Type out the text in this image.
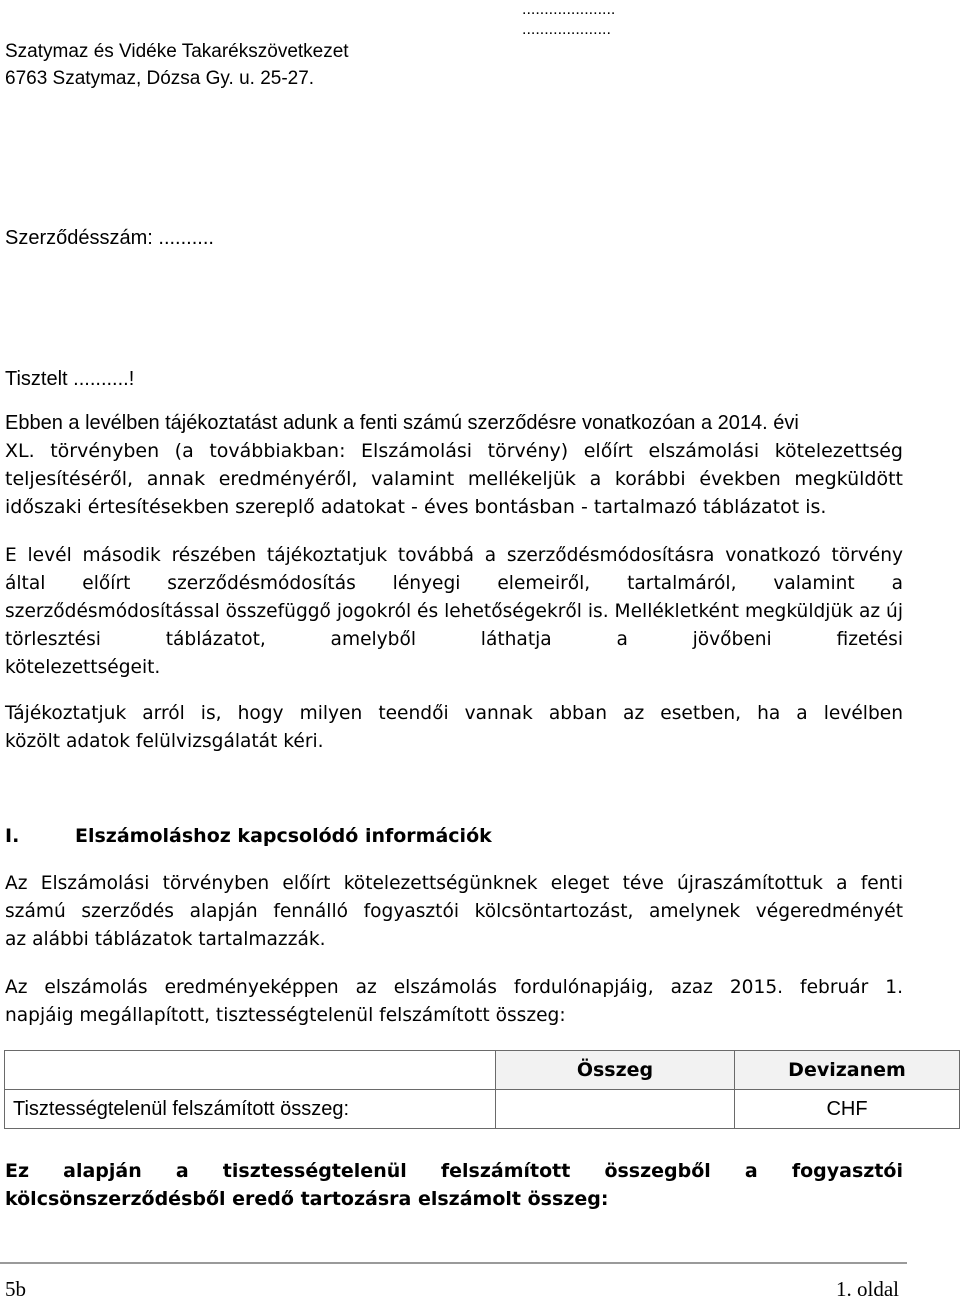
.....................
....................
Szatymaz és Vidéke Takarékszövetkezet
6763 Szatymaz, Dózsa Gy. u. 25-27.
Szerződésszám: ..........
Tisztelt ..........!
Ebben a levélben tájékoztatást adunk a fenti számú szerződésre vonatkozóan a 2014. évi
XL. törvényben (a továbbiakban: Elszámolási törvény) előírt elszámolási kötelezettség teljesítéséről, annak eredményéről, valamint mellékeljük a korábbi években megküldött időszaki értesítésekben szereplő adatokat - éves bontásban - tartalmazó táblázatot is.
E levél második részében tájékoztatjuk továbbá a szerződésmódosításra vonatkozó törvény által előírt szerződésmódosítás lényegi elemeiről, tartalmáról, valamint a szerződésmódosítással összefüggő jogokról és lehetőségekről is. Mellékletként megküldjük az új törlesztési táblázatot, amelyből láthatja a jövőbeni fizetési
kötelezettségeit.
Tájékoztatjuk arról is, hogy milyen teendői vannak abban az esetben, ha a levélben
közölt adatok felülvizsgálatát kéri.
I.	Elszámoláshoz kapcsolódó információk
Az Elszámolási törvényben előírt kötelezettségünknek eleget téve újraszámítottuk a fenti számú szerződés alapján fennálló fogyasztói kölcsöntartozást, amelynek végeredményét
az alábbi táblázatok tartalmazzák.
Az elszámolás eredményeképpen az elszámolás fordulónapjáig, azaz 2015. február 1.
napjáig megállapított, tisztességtelenül felszámított összeg:
	Összeg	Devizanem
Tisztességtelenül felszámított összeg:		CHF
Ez alapján a tisztességtelenül felszámított összegből a fogyasztói
kölcsönszerződésből eredő tartozásra elszámolt összeg:
5b	1. oldal
